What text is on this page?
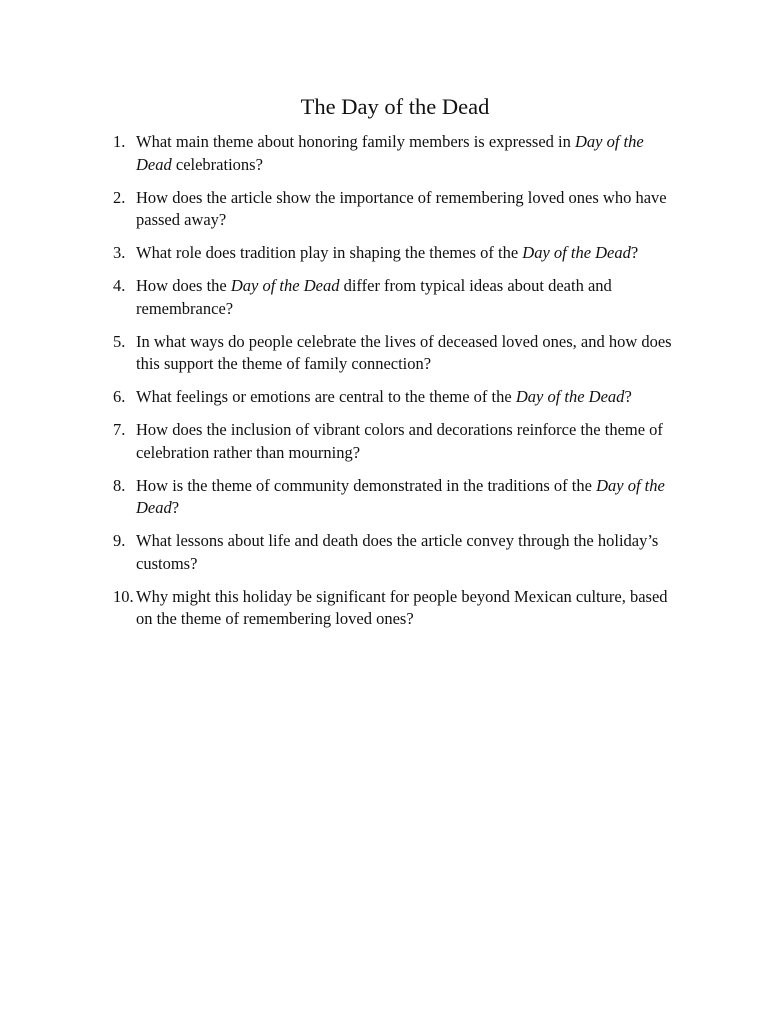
The Day of the Dead
1. What main theme about honoring family members is expressed in Day of the Dead celebrations?
2. How does the article show the importance of remembering loved ones who have passed away?
3. What role does tradition play in shaping the themes of the Day of the Dead?
4. How does the Day of the Dead differ from typical ideas about death and remembrance?
5. In what ways do people celebrate the lives of deceased loved ones, and how does this support the theme of family connection?
6. What feelings or emotions are central to the theme of the Day of the Dead?
7. How does the inclusion of vibrant colors and decorations reinforce the theme of celebration rather than mourning?
8. How is the theme of community demonstrated in the traditions of the Day of the Dead?
9. What lessons about life and death does the article convey through the holiday’s customs?
10. Why might this holiday be significant for people beyond Mexican culture, based on the theme of remembering loved ones?
